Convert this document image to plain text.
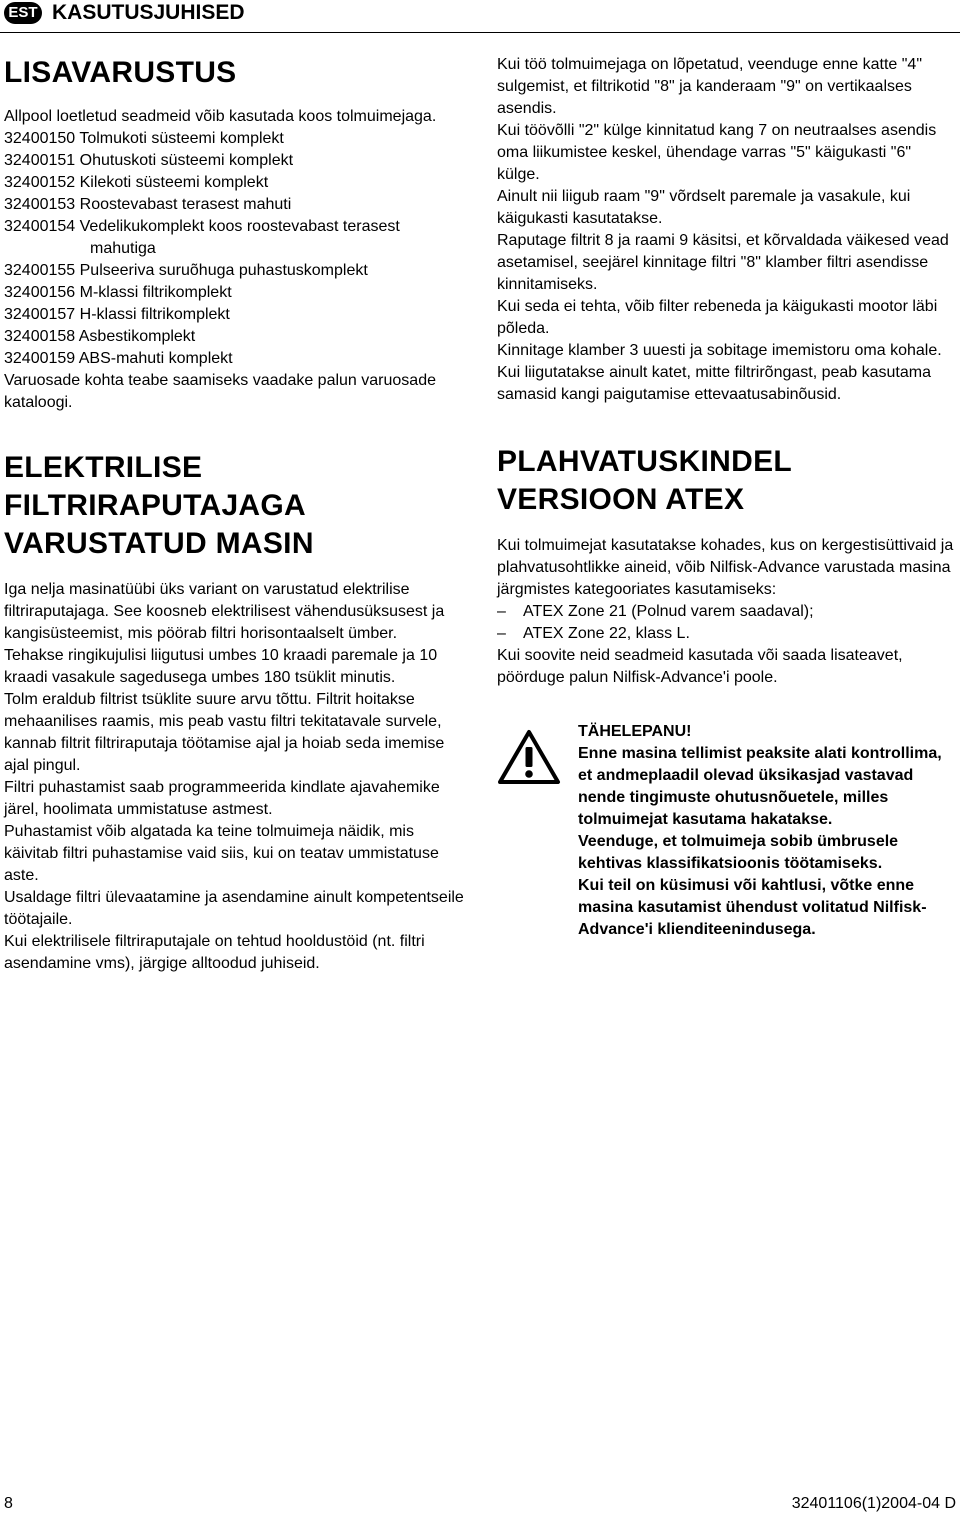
EST KASUTUSJUHISED
LISAVARUSTUS
Allpool loetletud seadmeid võib kasutada koos tolmuimejaga.
32400150 Tolmukoti süsteemi komplekt
32400151 Ohutuskoti süsteemi komplekt
32400152 Kilekoti süsteemi komplekt
32400153 Roostevabast terasest mahuti
32400154 Vedelikukomplekt koos roostevabast terasest mahutiga
32400155 Pulseeriva suruõhuga puhastuskomplekt
32400156 M-klassi filtrikomplekt
32400157 H-klassi filtrikomplekt
32400158 Asbestikomplekt
32400159 ABS-mahuti komplekt
Varuosade kohta teabe saamiseks vaadake palun varuosade kataloogi.
ELEKTRILISE
FILTRIRAPUTAJAGA
VARUSTATUD MASIN
Iga nelja masinatüübi üks variant on varustatud elektrilise filtriraputajaga. See koosneb elektrilisest vähendusüksusest ja kangisüsteemist, mis pöörab filtri horisontaalselt ümber.
Tehakse ringikujulisi liigutusi umbes 10 kraadi paremale ja 10 kraadi vasakule sagedusega umbes 180 tsüklit minutis.
Tolm eraldub filtrist tsüklite suure arvu tõttu. Filtrit hoitakse mehaanilises raamis, mis peab vastu filtri tekitatavale survele, kannab filtrit filtriraputaja töötamise ajal ja hoiab seda imemise ajal pingul.
Filtri puhastamist saab programmeerida kindlate ajavahemike järel, hoolimata ummistatuse astmest.
Puhastamist võib algatada ka teine tolmuimeja näidik, mis käivitab filtri puhastamise vaid siis, kui on teatav ummistatuse aste.
Usaldage filtri ülevaatamine ja asendamine ainult kompetentseile töötajaile.
Kui elektrilisele filtriraputajale on tehtud hooldustöid (nt. filtri asendamine vms), järgige alltoodud juhiseid.
Kui töö tolmuimejaga on lõpetatud, veenduge enne katte "4" sulgemist, et filtrikotid "8" ja kanderaam "9" on vertikaalses asendis.
Kui töövõlli "2" külge kinnitatud kang 7 on neutraalses asendis oma liikumistee keskel, ühendage varras "5" käigukasti "6" külge.
Ainult nii liigub raam "9" võrdselt paremale ja vasakule, kui käigukasti kasutatakse.
Raputage filtrit 8 ja raami 9 käsitsi, et kõrvaldada väikesed vead asetamisel, seejärel kinnitage filtri "8" klamber filtri asendisse kinnitamiseks.
Kui seda ei tehta, võib filter rebeneda ja käigukasti mootor läbi põleda.
Kinnitage klamber 3 uuesti ja sobitage imemistoru oma kohale.
Kui liigutatakse ainult katet, mitte filtrirõngast, peab kasutama samasid kangi paigutamise ettevaatusabinõusid.
PLAHVATUSKINDEL
VERSIOON ATEX
Kui tolmuimejat kasutatakse kohades, kus on kergestisüttivaid ja plahvatusohtlikke aineid, võib Nilfisk-Advance varustada masina järgmistes kategooriates kasutamiseks:
– ATEX Zone 21 (Polnud varem saadaval);
– ATEX Zone 22, klass L.
Kui soovite neid seadmeid kasutada või saada lisateavet, pöörduge palun Nilfisk-Advance'i poole.
TÄHELEPANU!
Enne masina tellimist peaksite alati kontrollima, et andmeplaadil olevad üksikasjad vastavad nende tingimuste ohutusnõuetele, milles tolmuimejat kasutama hakatakse.
Veenduge, et tolmuimeja sobib ümbrusele kehtivas klassifikatsioonis töötamiseks.
Kui teil on küsimusi või kahtlusi, võtke enne masina kasutamist ühendust volitatud Nilfisk-Advance'i klienditeenindusega.
8	32401106(1)2004-04 D
